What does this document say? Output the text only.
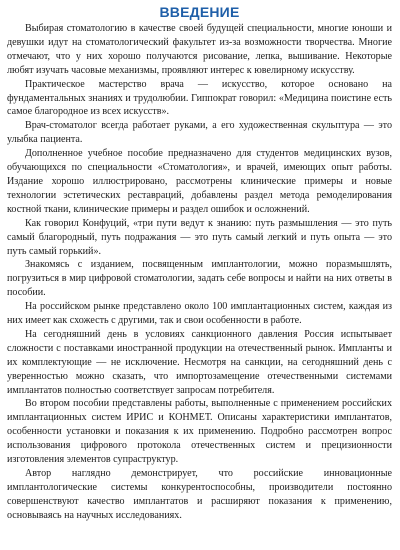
ВВЕДЕНИЕ

Выбирая стоматологию в качестве своей будущей специальности, многие юноши и девушки идут на стоматологический факультет из-за возможности творчества. Многие отмечают, что у них хорошо получаются рисование, лепка, вышивание. Некоторые любят изучать часовые механизмы, проявляют интерес к ювелирному искусству.

Практическое мастерство врача — искусство, которое основано на фундаментальных знаниях и трудолюбии. Гиппократ говорил: «Медицина поистине есть самое благородное из всех искусств».

Врач-стоматолог всегда работает руками, а его художественная скульптура — это улыбка пациента.

Дополненное учебное пособие предназначено для студентов медицинских вузов, обучающихся по специальности «Стоматология», и врачей, имеющих опыт работы. Издание хорошо иллюстрировано, рассмотрены клинические примеры и новые технологии эстетических реставраций, добавлены раздел метода ремоделирования костной ткани, клинические примеры и раздел ошибок и осложнений.

Как говорил Конфуций, «три пути ведут к знанию: путь размышления — это путь самый благородный, путь подражания — это путь самый легкий и путь опыта — это путь самый горький».

Знакомясь с изданием, посвященным имплантологии, можно поразмышлять, погрузиться в мир цифровой стоматологии, задать себе вопросы и найти на них ответы в пособии.

На российском рынке представлено около 100 имплантационных систем, каждая из них имеет как схожесть с другими, так и свои особенности в работе.

На сегодняшний день в условиях санкционного давления Россия испытывает сложности с поставками иностранной продукции на отечественный рынок. Импланты и их комплектующие — не исключение. Несмотря на санкции, на сегодняшний день с уверенностью можно сказать, что импортозамещение отечественными системами имплантатов полностью соответствует запросам потребителя.

Во втором пособии представлены работы, выполненные с применением российских имплантационных систем ИРИС и КОНМЕТ. Описаны характеристики имплантатов, особенности установки и показания к их применению. Подробно рассмотрен вопрос использования цифрового протокола отечественных систем и прецизионности изготовления элементов супраструктур.

Автор наглядно демонстрирует, что российские инновационные имплантологические системы конкурентоспособны, производители постоянно совершенствуют качество имплантатов и расширяют показания к применению, основываясь на научных исследованиях.
